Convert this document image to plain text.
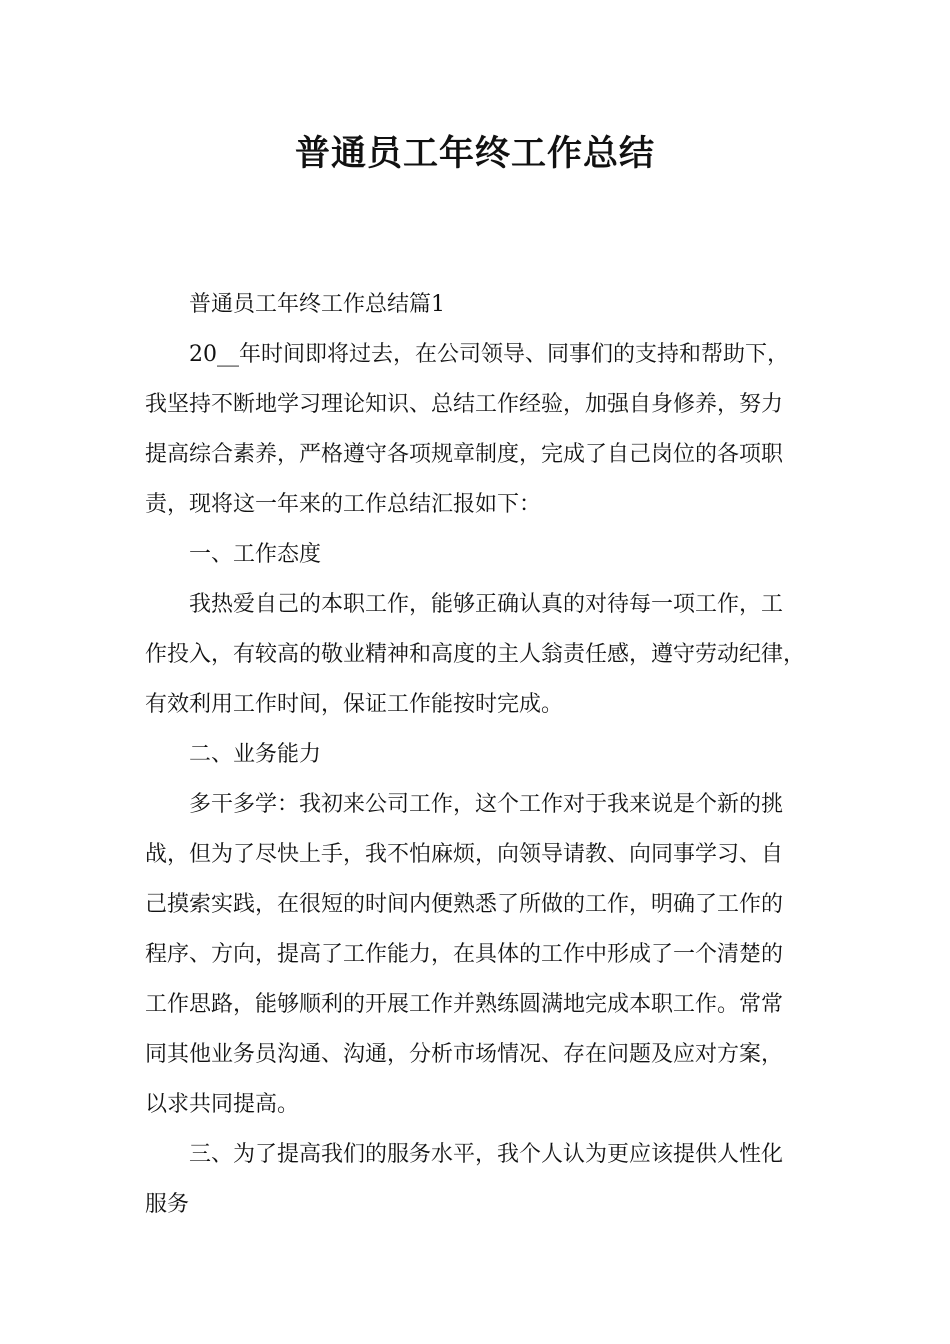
普通员工年终工作总结
普通员工年终工作总结篇1
20__年时间即将过去，在公司领导、同事们的支持和帮助下，
我坚持不断地学习理论知识、总结工作经验，加强自身修养，努力
提高综合素养，严格遵守各项规章制度，完成了自己岗位的各项职
责，现将这一年来的工作总结汇报如下：
一、工作态度
我热爱自己的本职工作，能够正确认真的对待每一项工作，工
作投入，有较高的敬业精神和高度的主人翁责任感，遵守劳动纪律，
有效利用工作时间，保证工作能按时完成。
二、业务能力
多干多学：我初来公司工作，这个工作对于我来说是个新的挑
战，但为了尽快上手，我不怕麻烦，向领导请教、向同事学习、自
己摸索实践，在很短的时间内便熟悉了所做的工作，明确了工作的
程序、方向，提高了工作能力，在具体的工作中形成了一个清楚的
工作思路，能够顺利的开展工作并熟练圆满地完成本职工作。常常
同其他业务员沟通、沟通，分析市场情况、存在问题及应对方案，
以求共同提高。
三、为了提高我们的服务水平，我个人认为更应该提供人性化
服务
